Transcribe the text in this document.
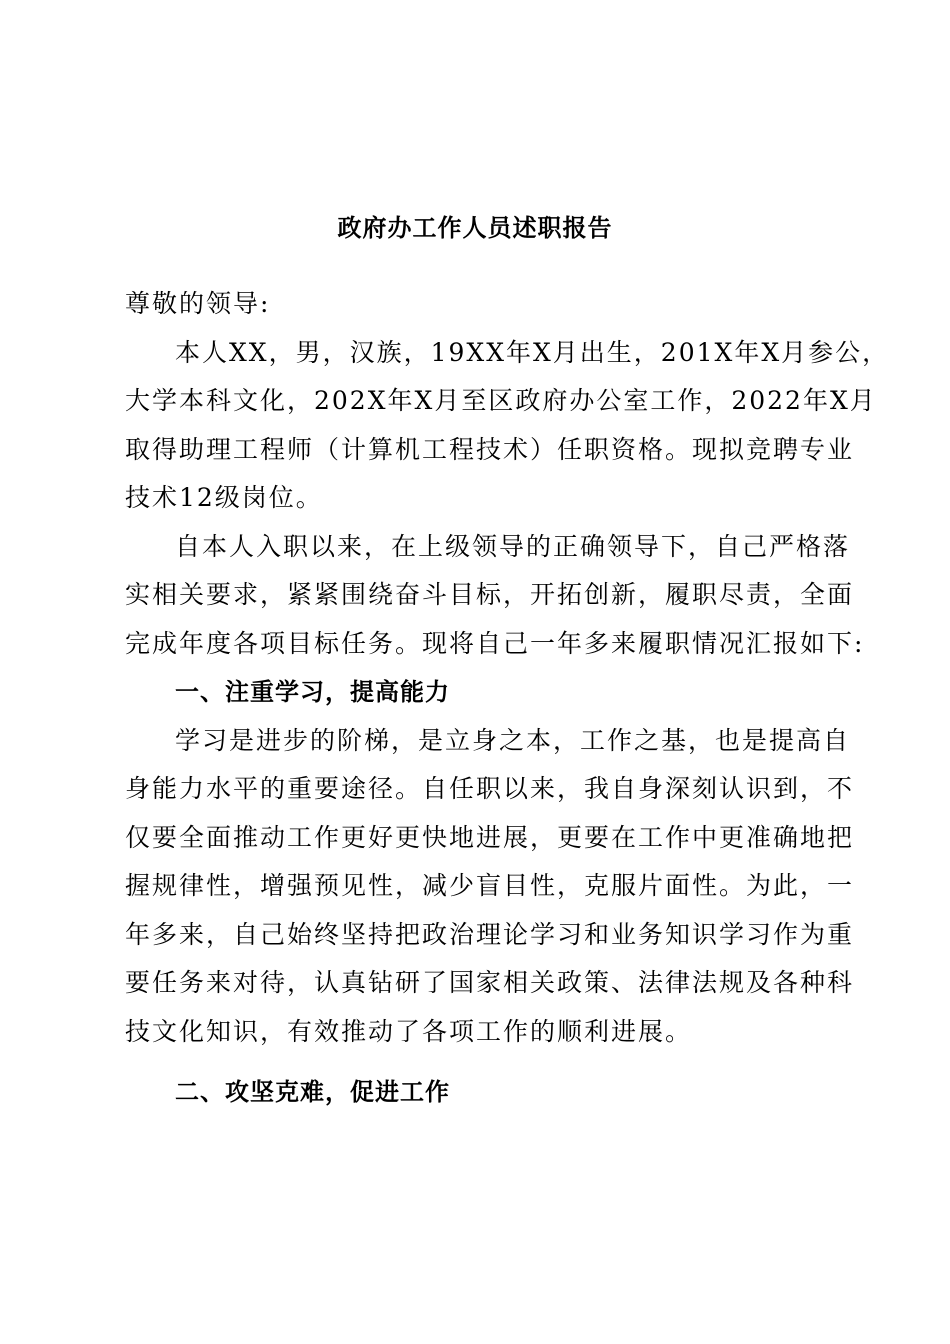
政府办工作人员述职报告
尊敬的领导:
本人XX，男，汉族，19XX年X月出生，201X年X月参公，
大学本科文化，202X年X月至区政府办公室工作，2022年X月
取得助理工程师（计算机工程技术）任职资格。现拟竞聘专业
技术12级岗位。
自本人入职以来，在上级领导的正确领导下，自己严格落
实相关要求，紧紧围绕奋斗目标，开拓创新，履职尽责，全面
完成年度各项目标任务。现将自己一年多来履职情况汇报如下:
一、注重学习，提高能力
学习是进步的阶梯，是立身之本，工作之基，也是提高自
身能力水平的重要途径。自任职以来，我自身深刻认识到，不
仅要全面推动工作更好更快地进展，更要在工作中更准确地把
握规律性，增强预见性，减少盲目性，克服片面性。为此，一
年多来，自己始终坚持把政治理论学习和业务知识学习作为重
要任务来对待，认真钻研了国家相关政策、法律法规及各种科
技文化知识，有效推动了各项工作的顺利进展。
二、攻坚克难，促进工作
